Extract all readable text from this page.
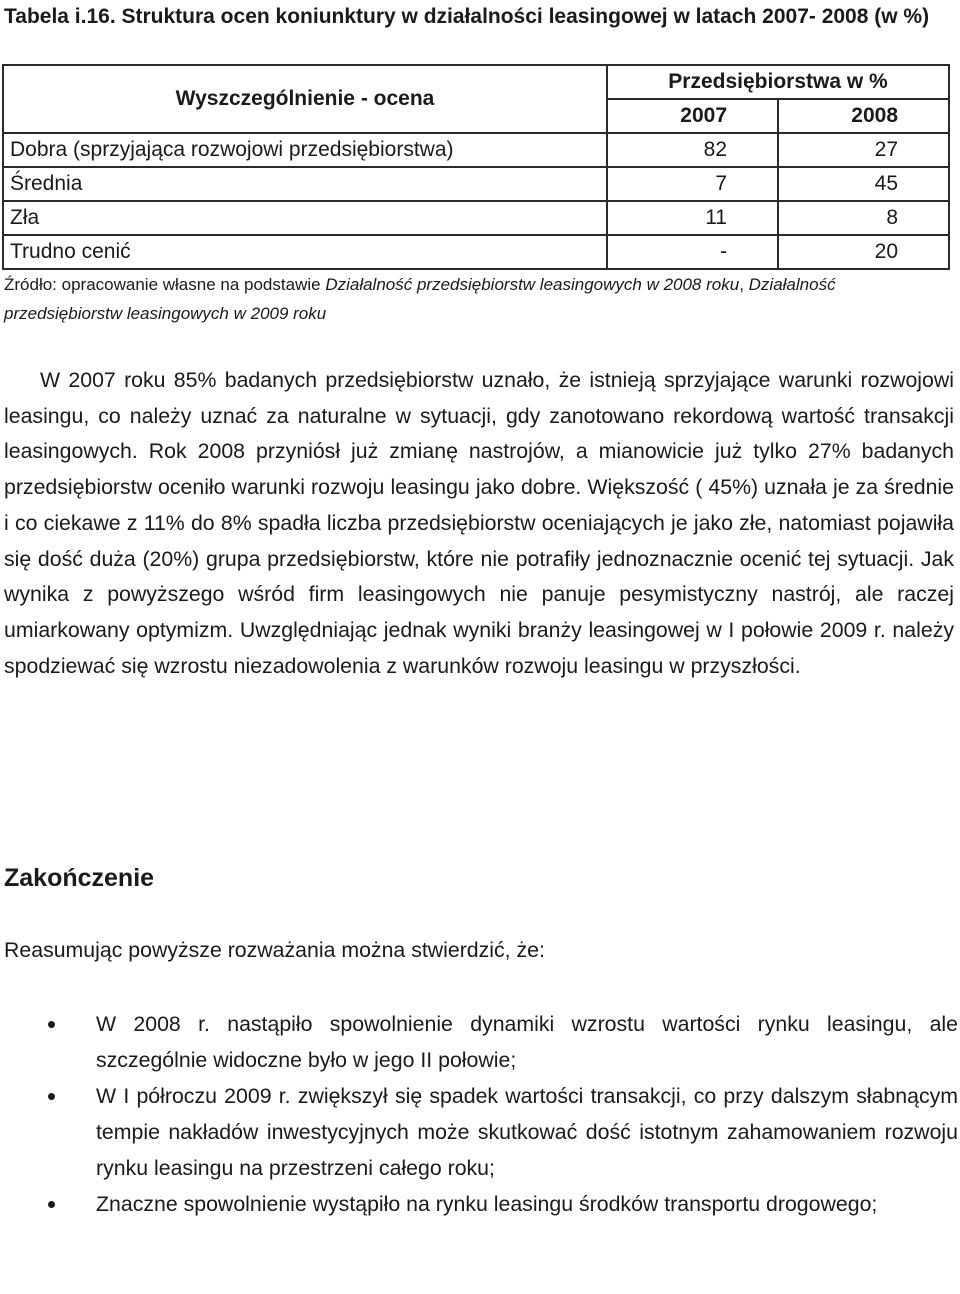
Tabela i.16. Struktura ocen koniunktury w działalności leasingowej w latach 2007- 2008 (w %)

Wyszczególnienie - ocena	Przedsiębiorstwa w %	
	2007	2008
Dobra (sprzyjająca rozwojowi przedsiębiorstwa)	82	27
Średnia	7	45
Zła	11	8
Trudno cenić	-	20

Źródło: opracowanie własne na podstawie Działalność przedsiębiorstw leasingowych w 2008 roku, Działalność przedsiębiorstw leasingowych w 2009 roku

W 2007 roku 85% badanych przedsiębiorstw uznało, że istnieją sprzyjające warunki rozwojowi leasingu, co należy uznać za naturalne w sytuacji, gdy zanotowano rekordową wartość transakcji leasingowych. Rok 2008 przyniósł już zmianę nastrojów, a mianowicie już tylko 27% badanych przedsiębiorstw oceniło warunki rozwoju leasingu jako dobre. Większość ( 45%) uznała je za średnie i co ciekawe z 11% do 8% spadła liczba przedsiębiorstw oceniających je jako złe, natomiast pojawiła się dość duża (20%) grupa przedsiębiorstw, które nie potrafiły jednoznacznie ocenić tej sytuacji. Jak wynika z powyższego wśród firm leasingowych nie panuje pesymistyczny nastrój, ale raczej umiarkowany optymizm. Uwzględniając jednak wyniki branży leasingowej w I połowie 2009 r. należy spodziewać się wzrostu niezadowolenia z warunków rozwoju leasingu w przyszłości.

Zakończenie

Reasumując powyższe rozważania można stwierdzić, że:

W 2008 r. nastąpiło spowolnienie dynamiki wzrostu wartości rynku leasingu, ale szczególnie widoczne było w jego II połowie;
W I półroczu 2009 r. zwiększył się spadek wartości transakcji, co przy dalszym słabnącym tempie nakładów inwestycyjnych może skutkować dość istotnym zahamowaniem rozwoju rynku leasingu na przestrzeni całego roku;
Znaczne spowolnienie wystąpiło na rynku leasingu środków transportu drogowego;
